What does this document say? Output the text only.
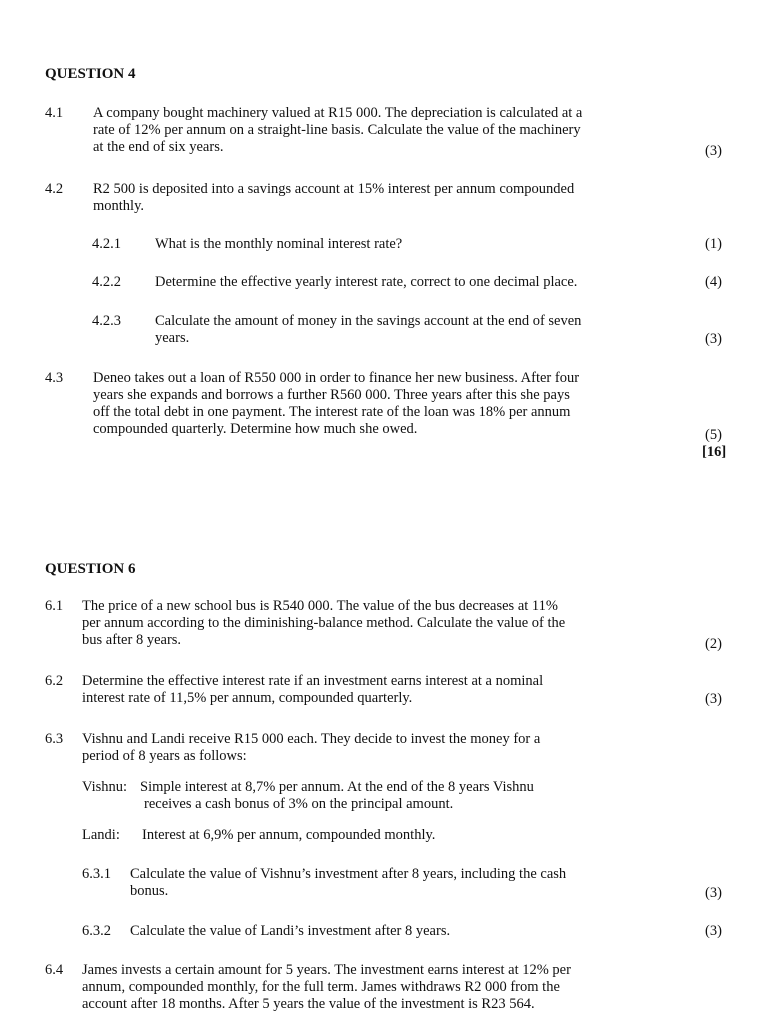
QUESTION 4
4.1 A company bought machinery valued at R15 000. The depreciation is calculated at a
rate of 12% per annum on a straight-line basis. Calculate the value of the machinery
at the end of six years.	(3)
4.2 R2 500 is deposited into a savings account at 15% interest per annum compounded
monthly.
4.2.1 What is the monthly nominal interest rate?	(1)
4.2.2 Determine the effective yearly interest rate, correct to one decimal place.	(4)
4.2.3 Calculate the amount of money in the savings account at the end of seven
years.	(3)
4.3 Deneo takes out a loan of R550 000 in order to finance her new business. After four
years she expands and borrows a further R560 000. Three years after this she pays
off the total debt in one payment. The interest rate of the loan was 18% per annum
compounded quarterly. Determine how much she owed.	(5)
[16]
QUESTION 6
6.1 The price of a new school bus is R540 000. The value of the bus decreases at 11%
per annum according to the diminishing-balance method. Calculate the value of the
bus after 8 years.	(2)
6.2 Determine the effective interest rate if an investment earns interest at a nominal
interest rate of 11,5% per annum, compounded quarterly.	(3)
6.3 Vishnu and Landi receive R15 000 each. They decide to invest the money for a
period of 8 years as follows:
Vishnu: Simple interest at 8,7% per annum. At the end of the 8 years Vishnu
receives a cash bonus of 3% on the principal amount.
Landi: Interest at 6,9% per annum, compounded monthly.
6.3.1 Calculate the value of Vishnu’s investment after 8 years, including the cash
bonus.	(3)
6.3.2 Calculate the value of Landi’s investment after 8 years.	(3)
6.4 James invests a certain amount for 5 years. The investment earns interest at 12% per
annum, compounded monthly, for the full term. James withdraws R2 000 from the
account after 18 months. After 5 years the value of the investment is R23 564.
